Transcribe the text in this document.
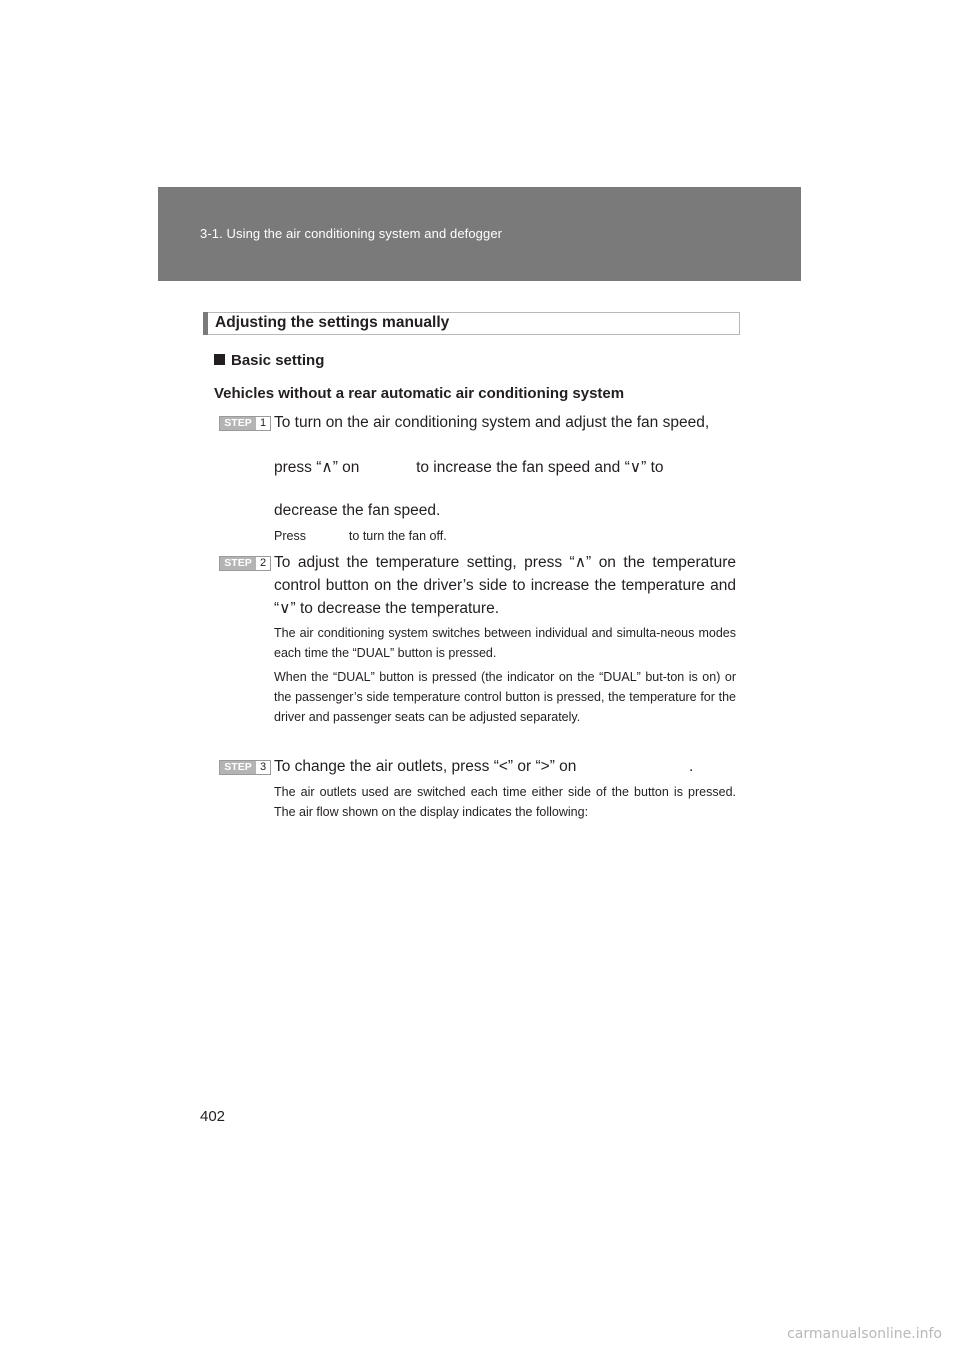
3-1. Using the air conditioning system and defogger
Adjusting the settings manually
Basic setting
Vehicles without a rear automatic air conditioning system
STEP 1 To turn on the air conditioning system and adjust the fan speed,
press “∧” on	to increase the fan speed and “∨” to
decrease the fan speed.
Press	to turn the fan off.
STEP 2 To adjust the temperature setting, press “∧” on the temperature control button on the driver’s side to increase the temperature and “∨” to decrease the temperature.
The air conditioning system switches between individual and simulta-neous modes each time the “DUAL” button is pressed.
When the “DUAL” button is pressed (the indicator on the “DUAL” but-ton is on) or the passenger’s side temperature control button is pressed, the temperature for the driver and passenger seats can be adjusted separately.
STEP 3 To change the air outlets, press “<” or “>” on	.
The air outlets used are switched each time either side of the button is pressed. The air flow shown on the display indicates the following:
402
carmanualsonline.info
